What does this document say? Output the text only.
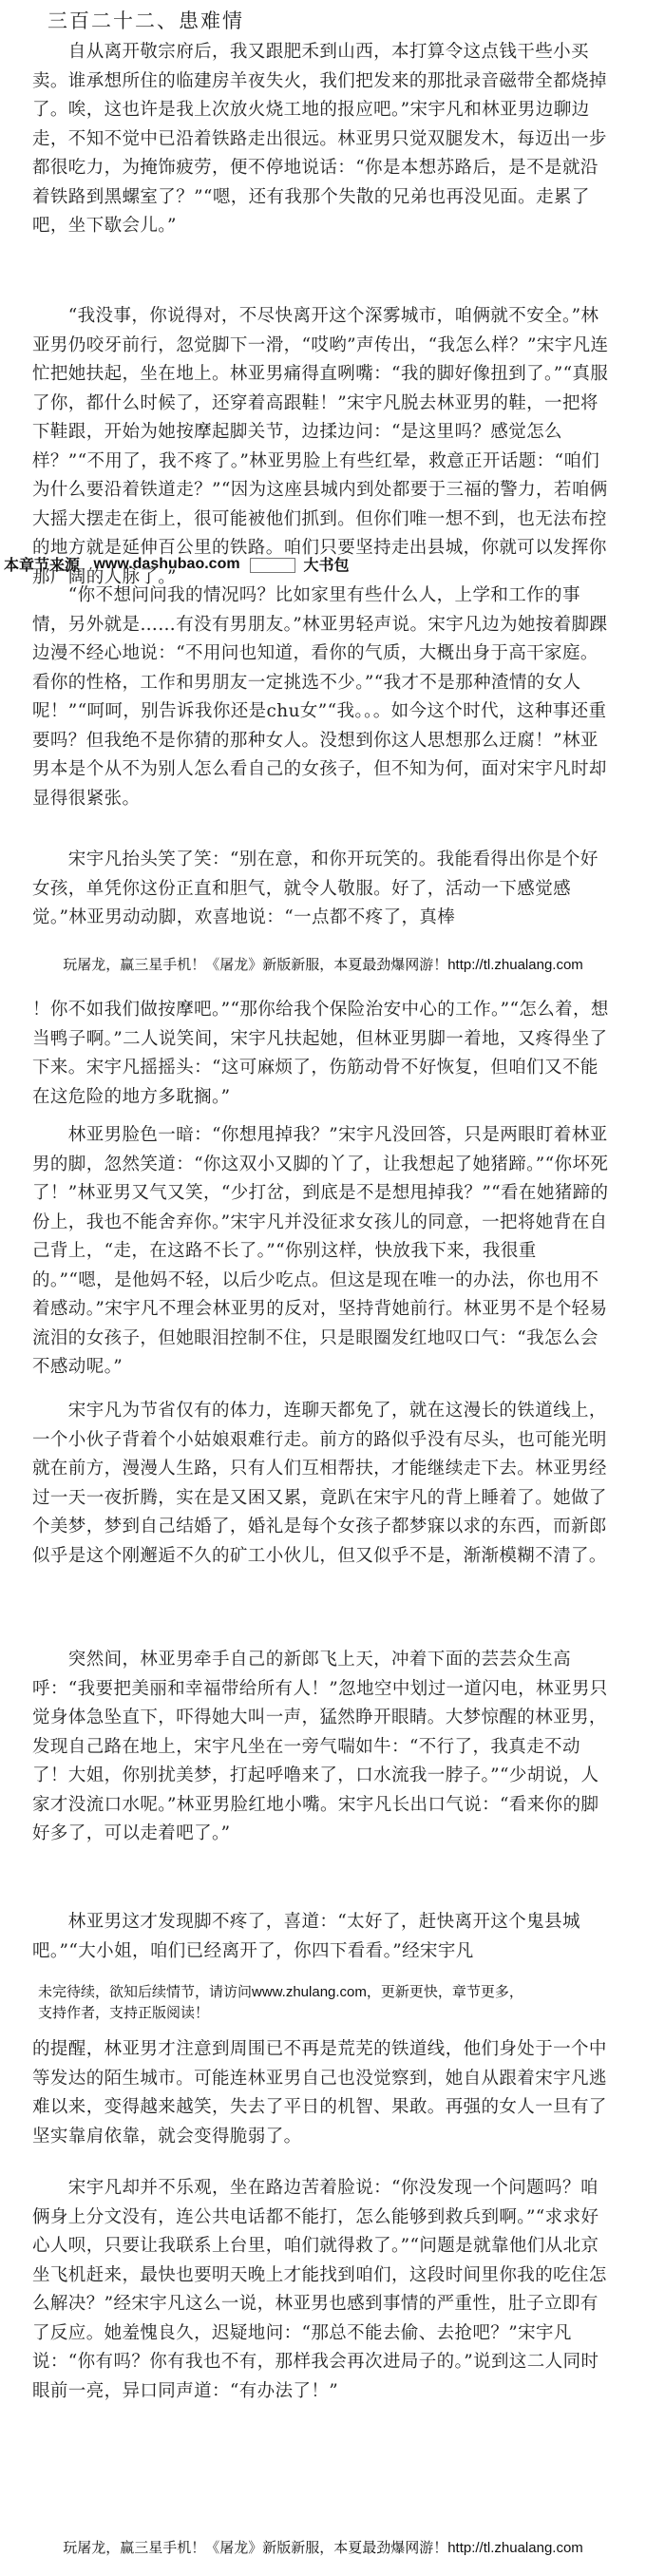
三百二十二、患难情

　　自从离开敬宗府后，我又跟肥禾到山西，本打算令这点钱干些小买卖。谁承想所住的临建房羊夜失火，我们把发来的那批录音磁带全都烧掉了。唉，这也许是我上次放火烧工地的报应吧。”宋宇凡和林亚男边聊边走，不知不觉中已沿着铁路走出很远。林亚男只觉双腿发木，每迈出一步都很吃力，为掩饰疲劳，便不停地说话：“你是本想苏路后，是不是就沿着铁路到黑螺室了？”“嗯，还有我那个失散的兄弟也再没见面。走累了吧，坐下歇会儿。”

　　“我没事，你说得对，不尽快离开这个深雾城市，咱俩就不安全。”林亚男仍咬牙前行，忽觉脚下一滑，“哎哟”声传出，“我怎么样？”宋宇凡连忙把她扶起，坐在地上。林亚男痛得直咧嘴：“我的脚好像扭到了。”“真服了你，都什么时候了，还穿着高跟鞋！”宋宇凡脱去林亚男的鞋，一把将下鞋跟，开始为她按摩起脚关节，边揉边问：“是这里吗？感觉怎么样？”“不用了，我不疼了。”林亚男脸上有些红晕，救意正开话题：“咱们为什么要沿着铁道走？”“因为这座县城内到处都要于三福的警力，若咱俩大摇大摆走在街上，很可能被他们抓到。但你们唯一想不到，也无法布控的地方就是延伸百公里的铁路。咱们只要坚持走出县城，你就可以发挥你那广阔的人脉了。”

本章节来源 www.dashubao.com	大书包

　　“你不想问问我的情况吗？比如家里有些什么人，上学和工作的事情，另外就是……有没有男朋友。”林亚男轻声说。宋宇凡边为她按着脚踝边漫不经心地说：“不用问也知道，看你的气质，大概出身于高干家庭。看你的性格，工作和男朋友一定挑选不少。”“我才不是那种渣情的女人呢！”“呵呵，别告诉我你还是chu女”“我。。。如今这个时代，这种事还重要吗？但我绝不是你猜的那种女人。没想到你这人思想那么迂腐！”林亚男本是个从不为别人怎么看自己的女孩子，但不知为何，面对宋宇凡时却显得很紧张。

　　宋宇凡抬头笑了笑：“别在意，和你开玩笑的。我能看得出你是个好女孩，单凭你这份正直和胆气，就令人敬服。好了，活动一下感觉感觉。”林亚男动动脚，欢喜地说：“一点都不疼了，真棒

玩屠龙，赢三星手机！《屠龙》新版新服，本夏最劲爆网游！http://tl.zhualang.com

！你不如我们做按摩吧。”“那你给我个保险治安中心的工作。”“怎么着，想当鸭子啊。”二人说笑间，宋宇凡扶起她，但林亚男脚一着地，又疼得坐了下来。宋宇凡摇摇头：“这可麻烦了，伤筋动骨不好恢复，但咱们又不能在这危险的地方多耽搁。”

　　林亚男脸色一暗：“你想甩掉我？”宋宇凡没回答，只是两眼盯着林亚男的脚，忽然笑道：“你这双小又脚的丫了，让我想起了她猪蹄。”“你坏死了！”林亚男又气又笑，“少打岔，到底是不是想甩掉我？”“看在她猪蹄的份上，我也不能舍弃你。”宋宇凡并没征求女孩儿的同意，一把将她背在自己背上，“走，在这路不长了。”“你别这样，快放我下来，我很重的。”“嗯，是他妈不轻，以后少吃点。但这是现在唯一的办法，你也用不着感动。”宋宇凡不理会林亚男的反对，坚持背她前行。林亚男不是个轻易流泪的女孩子，但她眼泪控制不住，只是眼圈发红地叹口气：“我怎么会不感动呢。”

　　宋宇凡为节省仅有的体力，连聊天都免了，就在这漫长的铁道线上，一个小伙子背着个小姑娘艰难行走。前方的路似乎没有尽头，也可能光明就在前方，漫漫人生路，只有人们互相帮扶，才能继续走下去。林亚男经过一天一夜折腾，实在是又困又累，竟趴在宋宇凡的背上睡着了。她做了个美梦，梦到自己结婚了，婚礼是每个女孩子都梦寐以求的东西，而新郎似乎是这个刚邂逅不久的矿工小伙儿，但又似乎不是，渐渐模糊不清了。

　　突然间，林亚男牵手自己的新郎飞上天，冲着下面的芸芸众生高呼：“我要把美丽和幸福带给所有人！”忽地空中划过一道闪电，林亚男只觉身体急坠直下，吓得她大叫一声，猛然睁开眼睛。大梦惊醒的林亚男，发现自己路在地上，宋宇凡坐在一旁气喘如牛：“不行了，我真走不动了！大姐，你别扰美梦，打起呼噜来了，口水流我一脖子。”“少胡说，人家才没流口水呢。”林亚男脸红地小嘴。宋宇凡长出口气说：“看来你的脚好多了，可以走着吧了。”

　　林亚男这才发现脚不疼了，喜道：“太好了，赶快离开这个鬼县城吧。”“大小姐，咱们已经离开了，你四下看看。”经宋宇凡

未完待续，欲知后续情节，请访问www.zhulang.com，更新更快，章节更多，
支持作者，支持正版阅读！

的提醒，林亚男才注意到周围已不再是荒芜的铁道线，他们身处于一个中等发达的陌生城市。可能连林亚男自己也没觉察到，她自从跟着宋宇凡逃难以来，变得越来越笑，失去了平日的机智、果敢。再强的女人一旦有了坚实靠肩依靠，就会变得脆弱了。

　　宋宇凡却并不乐观，坐在路边苦着脸说：“你没发现一个问题吗？咱俩身上分文没有，连公共电话都不能打，怎么能够到救兵到啊。”“求求好心人呗，只要让我联系上台里，咱们就得救了。”“问题是就靠他们从北京坐飞机赶来，最快也要明天晚上才能找到咱们，这段时间里你我的吃住怎么解决？”经宋宇凡这么一说，林亚男也感到事情的严重性，肚子立即有了反应。她羞愧良久，迟疑地问：“那总不能去偷、去抢吧？”宋宇凡说：“你有吗？你有我也不有，那样我会再次进局子的。”说到这二人同时眼前一亮，异口同声道：“有办法了！”

玩屠龙，赢三星手机！《屠龙》新版新服，本夏最劲爆网游！http://tl.zhualang.com
